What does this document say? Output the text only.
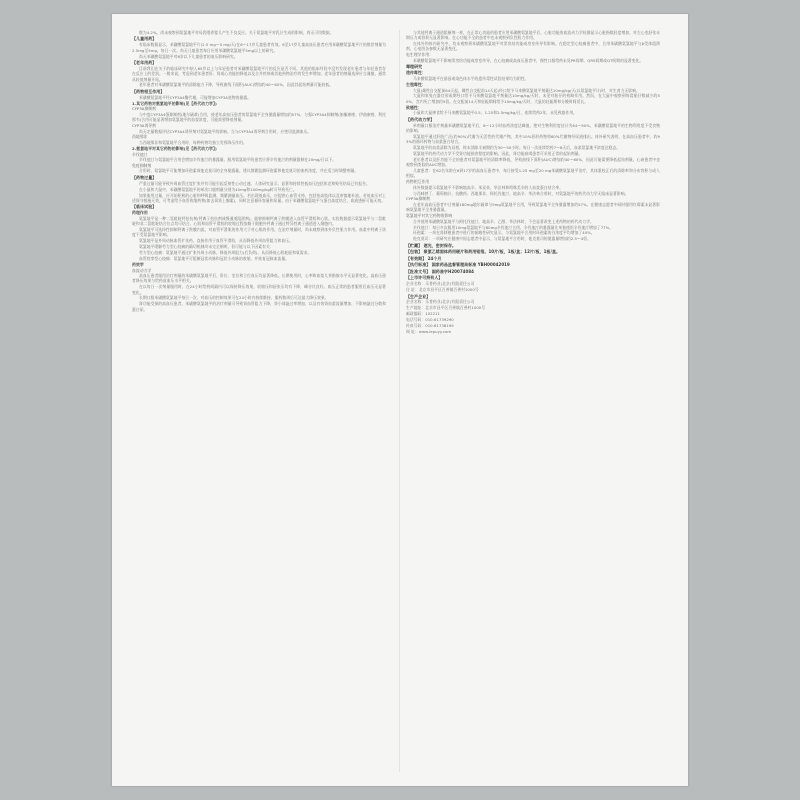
数为4.2%。尚未观察到氨氯地平对母乳喂养婴儿产生不良反应。关于氨氯地平对乳汁生成的影响，尚无可用数据。

【儿童用药】

有临床数据显示，苯磺酸氨氯地平片(2.5 mg～5 mg/天)在6～17岁儿童患者有效。6至17岁儿童高血压患者应用苯磺酸氨氯地平片的推荐剂量为2.5mg至5mg，每日一次。尚无儿童患者每日应用苯磺酸氨氯地平5mg以上的研究。

尚无苯磺酸氨氯地平对6岁以下儿童患者的血压影响研究。

【老年用药】

目前我们在关于的临床研究中纳入65岁以上与年轻患者对苯磺酸氨氯地平片的反应是否不同。其他的临床经验中没有发现老年患者与年轻患者存在反应上的差别。一般来说，考虑到老年患者肝、肾或心功能的降低以及合并疾病或其他药物治疗的发生率增加，老年患者的剂量选择应当谨慎，通常从较低剂量开始。

老年患者对苯磺酸氨氯地平的清除能力下降，导致曲线下面积(AUC)增加约40～60%，因此其起始剂量可能较低。

【药物相互作用】

苯磺酸氨氯地平经CYP3A4酶代谢，可能增加CYP3A底物的暴露。

1.其它药物对氨氯地平的影响(见【药代动力学】)
CYP3A抑制剂

与中度CYP3A4强抑制剂(地尔硫䓬)合用，使老年高血压患者的氨氯地平全身暴露量增加约57%，与强CYP3A4抑制剂(如酮康唑、伊曲康唑、利托那韦)合用可能显著增加氨氯地平的血浆浓度，可能需要降低剂量。

CYP3A诱导剂

尚无定量数据评估CYP3A4诱导剂对氨氯地平的影响。当与CYP3A4诱导剂合用时，应密切监测血压。

西地那非

当西地那非和氨氯地平合用时，每种药物均独立发挥降压作用。

2.氨氯地平对其它药物的影响(见【药代动力学】)
辛伐他汀

辛伐他汀与氨氯地平合用会增加辛伐他汀的暴露量。服用氨氯地平的患者应将辛伐他汀的剂量限制在20mg/日以下。

免疫抑制剂

合用时，氨氯地平可能增加环孢素或他克莫司的全身暴露量。建议频繁监测环孢素和他克莫司的血药浓度，并在适当时调整剂量。

【药物过量】

严重过量可能导致外周血管过度扩张并有可能引起反射性心动过速。人体研究显示，显著和持续性低血压包括休克和致死结局已有报告。

在小鼠和大鼠中，苯磺酸氨氯地平的单次口服剂量分别为40mg和100mg/kg时可导致死亡。

如果服用过量，应开始积极的心脏和呼吸监测，频繁测量血压。若出现低血压，应提供心血管支持，包括抬高肢体以及审慎地补液。若低血压对上述保守措施无效，可考虑给予血管收缩药物(如去氧肾上腺素)，同时注意循环容量和尿量。由于苯磺酸氨氯地平与蛋白高度结合，血液透析可能无效。

【临床试验】
药理作用

氨氯地平是一种二氢吡啶钙拮抗剂(钙离子拮抗剂或慢通道阻滞剂)，能够抑制钙离子跨膜进入血管平滑肌和心肌。实验数据提示氨氯地平与二氢吡啶和非二氢吡啶结合位点均可结合。心肌和血管平滑肌的收缩过程依赖于细胞外钙离子通过特异性离子通道进入细胞内。

氨氯地平可选择性抑制钙离子跨膜内流，对血管平滑肌的作用大于对心肌的作用。在治疗剂量时，尚未观察到体外负性肌力作用。血浆中钙离子浓度不受氨氯地平影响。

氨氯地平是外周动脉血管扩张药，直接作用于血管平滑肌，从而降低外周血管阻力和血压。

氨氯地平缓解劳力型心绞痛的确切机制尚未完全阐明，但可能与以下因素有关：

劳力型心绞痛：氨氯地平通过扩张外周小动脉，降低外周阻力(后负荷)，从而降低心肌耗能和氧需求。

血管痉挛型心绞痛：氨氯地平可阻断冠状动脉和冠状小动脉的收缩，并恢复冠脉血流量。

药效学
血流动力学

高血压患者服用治疗剂量的苯磺酸氨氯地平后，卧位、坐位和立位血压均显著降低。长期使用时，心率和血浆儿茶酚胺水平无显著变化。高血压患者降压效果与给药前血压水平相关。

在以每日一次剂量服用时，在24小时给药间隔内可以保持降压效果，收缩压和舒张压均有下降，峰谷比良好。血压正常的患者服用后血压无显著变化。

长期口服苯磺酸氨氯地平每日一次，对血压的控制效果可在24小时内持续维持，服药数周后可达最大降压效果。

肾功能受损的高血压患者，苯磺酸氨氯地平的治疗剂量可导致肾血管阻力下降，肾小球滤过率增加，以及有效肾血浆流量增加，不影响滤过分数和蛋白尿。

与其他钙离子通道阻断剂一样，在正常心功能的患者应用苯磺酸氨氯地平后，心脏功能的血流动力学检测显示心脏指数轻度增加，对左心室舒张末期压力或容积无显著影响。在心功能不全的患者中也未观察到负性肌力作用。

在体外和体内研究中，均未观察到苯磺酸氨氯地平对窦房结功能或房室传导有影响。在稳定型心绞痛患者中，合用苯磺酸氨氯地平与β受体阻滞剂，心电图各参数无显著变化。

电生理学作用：

苯磺酸氨氯地平不影响窦房结功能或房室传导。在心绞痛或高血压患者中，慢性口服给药未见PR间期、QRS间期或QT间期的显著变化。

毒理研究
遗传毒性：

马来酸氨氯地平在基因或染色体水平的遗传毒性试验结果均为阴性。

生殖毒性：

大鼠(雄性自交配前64天起，雌性自交配前14天起)经口给予马来酸氨氯地平剂量达10mg/kg/天(以氨氯地平计)时，对生育力无影响。

大鼠和家兔在器官形成期经口给予马来酸氨氯地平剂量达10mg/kg/天时，未见对胎仔的致畸作用。然而，在大鼠中观察到每窝胎仔数减少约50%，宫内死亡增加约5倍。在交配前14天和妊娠期间给予10mg/kg/天时，大鼠的妊娠期和分娩时间延长。

致癌性：

小鼠和大鼠掺食给予马来酸氨氯地平0.5、1.25和2.5mg/kg/日，连续给药2年，未见致癌作用。

【药代动力学】

单剂量口服治疗剂量苯磺酸氨氯地平后，6～12小时血药浓度达峰值。绝对生物利用度估计为64～90%。苯磺酸氨氯地平的生物利用度不受食物的影响。

氨氯地平通过肝脏广泛(约90%)代谢为无活性的代谢产物，其中10%原形药物和60%代谢物经尿液排出。体外研究表明，在高血压患者中，约93%的循环药物与血浆蛋白结合。

氨氯地平的血浆清除为双相，终末消除半衰期约为30～50小时。每日一次连续给药7～8天后，血浆氨氯地平浓度达稳态。

氨氯地平的药代动力学不受肾功能损害程度的影响。因此，肾功能衰竭患者可采用正常的起始剂量。

老年患者以及肝功能不全的患者对氨氯地平的清除率降低，导致曲线下面积(AUC)增加约40～60%，因此可能需要降低起始剂量。心衰患者中也观察到类似的AUC增加。

儿童患者：在62名年龄在6到17岁的高血压患者中，每日接受1.25 mg至20 mg苯磺酸氨氯地平治疗，其体重校正后的清除率和分布容积与成人相似。

药物相互作用

体外数据提示氨氯地平不影响地高辛、苯妥英、华法林和吲哚美辛的人血浆蛋白结合率。

与西咪替丁、葡萄柚汁、抗酸药、西地那非、阿托伐他汀、地高辛、华法林合用时，对氨氯地平的药代动力学无临床显著影响。

CYP3A抑制剂

在老年高血压患者中日剂量180mg地尔硫䓬与5mg氨氯地平合用，导致氨氯地平全身暴露增加约57%。在健康志愿者中同时服用红霉素未显著影响氨氯地平全身暴露量。

氨氯地平对其它药物的影响

合并使用苯磺酸氨氯地平与阿托伐他汀、地高辛、乙醇、华法林时，不会显著改变上述药物的药代动力学。

辛伐他汀：每日多次服用10mg氨氯地平与80mg辛伐他汀合用，辛伐他汀的暴露量比单独使用辛伐他汀增加了77%。

环孢素：一项在肾移植患者中进行的前瞻性研究显示，与氨氯地平合用时环孢素的谷浓度平均增加了40%。

他克莫司：一项研究在健康中国志愿者中显示，与氨氯地平合用时，他克莫司的暴露量增加约2.5～4倍。

【贮藏】 遮光，密封保存。
【包装】 聚氯乙烯固体药用硬片和药用铝箔。10片/板，1板/盒；12片/板，1板/盒。
【有效期】 24个月
【执行标准】 国家药品监督管理局标准 YBH00042019
【批准文号】 国药准字H20074084
【上市许可持有人】

企业名称：乐普药业(北京)有限责任公司

住 址：北京市昌平区百善镇百善村1000号

【生产企业】

企业名称：乐普药业(北京)有限责任公司

生产地址：北京市昌平区百善镇百善村1000号

邮政编码：102211

电话号码：010-61739290

传真号码：010-61738199

网 址：www.lepuyy.com
